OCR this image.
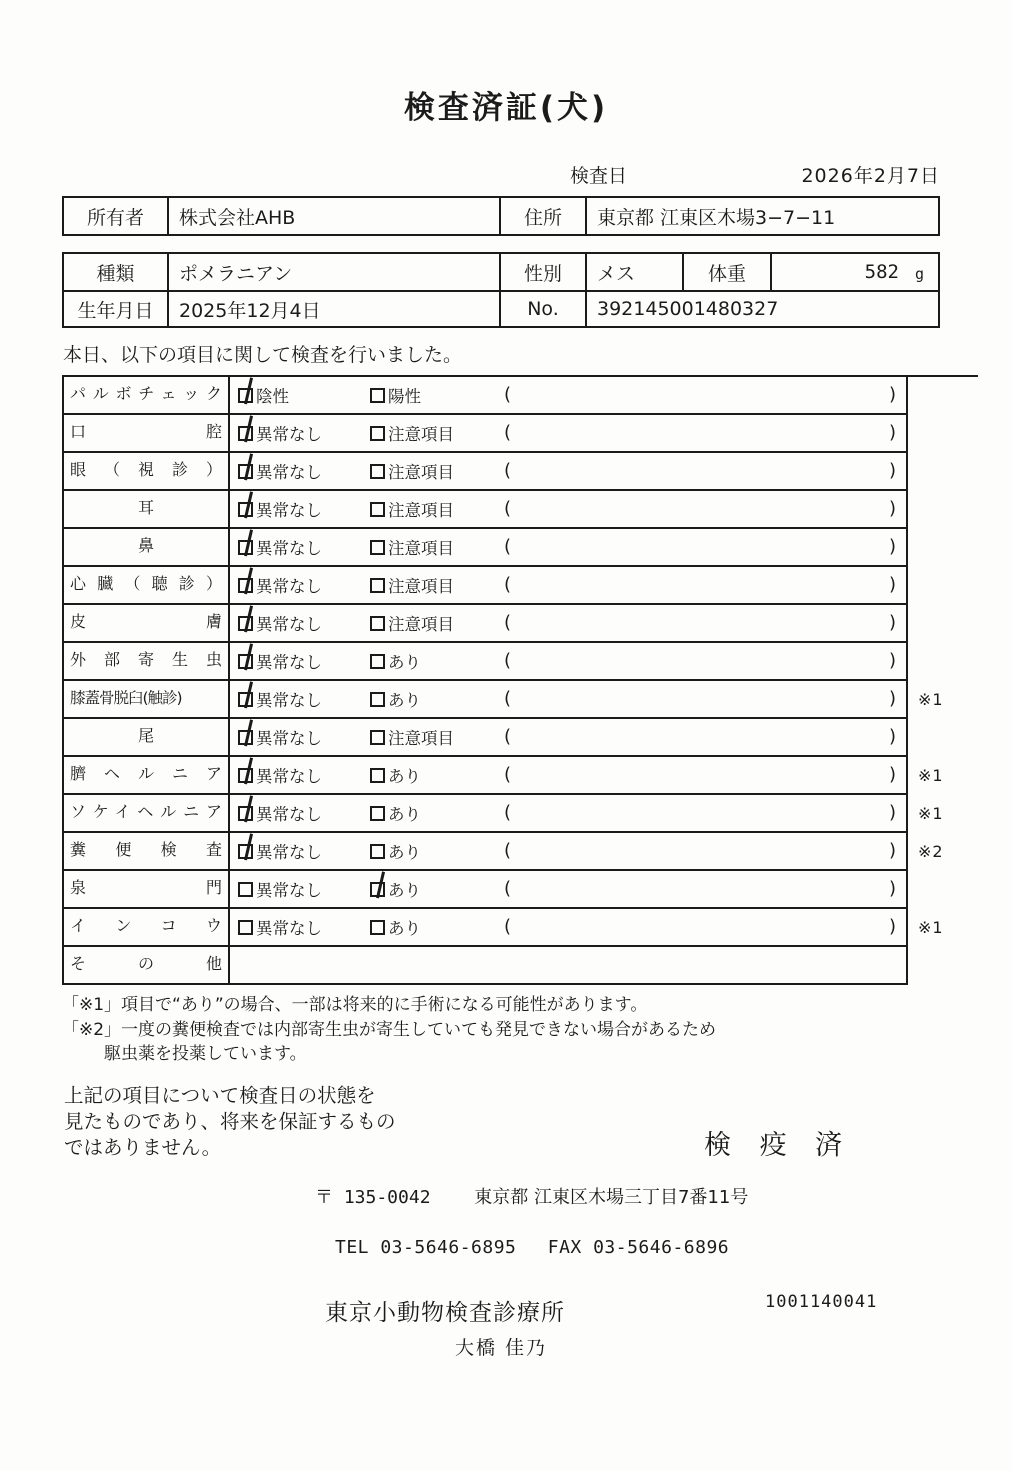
検査済証(犬)
検査日	2026年2月7日
所有者	株式会社AHB	住所	東京都 江東区木場3−7−11
種類	ポメラニアン	性別	メス	体重	582 g
生年月日	2025年12月4日	No.	392145001480327
本日、以下の項目に関して検査を行いました。
パルボチェック	陰性	陽性	(	)
口腔	異常なし	注意項目	(	)
眼（視診）	異常なし	注意項目	(	)
耳	異常なし	注意項目	(	)
鼻	異常なし	注意項目	(	)
心臓（聴診）	異常なし	注意項目	(	)
皮膚	異常なし	注意項目	(	)
外部寄生虫	異常なし	あり	(	)
膝蓋骨脱臼(触診)	異常なし	あり	(	)	※1
尾	異常なし	注意項目	(	)
臍ヘルニア	異常なし	あり	(	)	※1
ソケイヘルニア	異常なし	あり	(	)	※1
糞便検査	異常なし	あり	(	)	※2
泉門	異常なし	あり	(	)
インコウ	異常なし	あり	(	)	※1
その他
「※1」項目で“あり”の場合、一部は将来的に手術になる可能性があります。
「※2」一度の糞便検査では内部寄生虫が寄生していても発見できない場合があるため
駆虫薬を投薬しています。
上記の項目について検査日の状態を
見たものであり、将来を保証するもの
ではありません。	検 疫 済
〒 135-0042 東京都 江東区木場三丁目7番11号
TEL 03-5646-6895 FAX 03-5646-6896
東京小動物検査診療所
大橋 佳乃
1001140041
